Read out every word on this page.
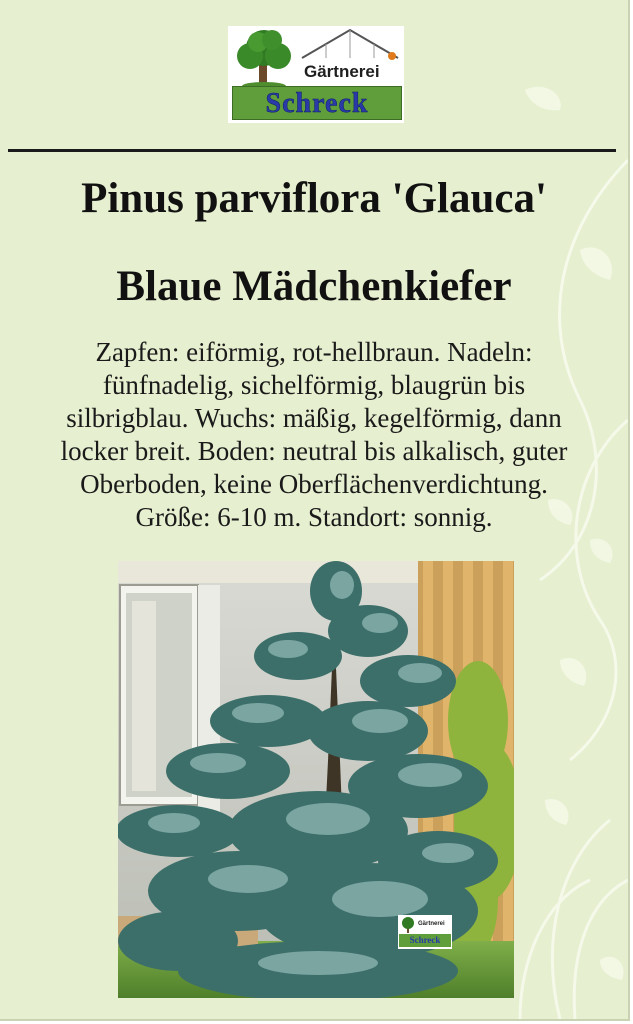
Gärtnerei
Schreck
Pinus parviflora 'Glauca'
Blaue Mädchenkiefer

Zapfen: eiförmig, rot-hellbraun. Nadeln:
fünfnadelig, sichelförmig, blaugrün bis
silbrigblau. Wuchs: mäßig, kegelförmig, dann
locker breit. Boden: neutral bis alkalisch, guter
Oberboden, keine Oberflächenverdichtung.
Größe: 6-10 m. Standort: sonnig.

Gärtnerei
Schreck
